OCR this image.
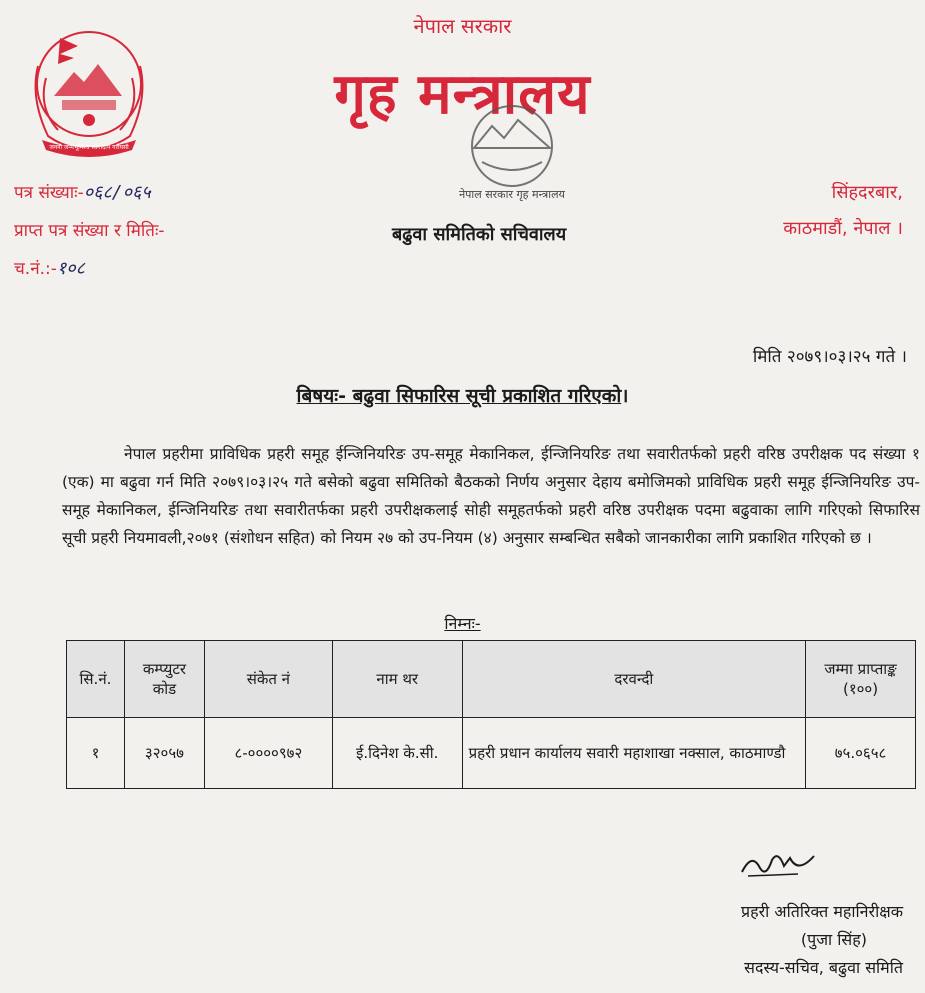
जननी जन्मभूमिश्च स्वर्गादपि गरीयसी
नेपाल सरकार
गृह मन्त्रालय
नेपाल सरकार गृह मन्त्रालय
पत्र संख्याः-०६८/०६५
प्राप्त पत्र संख्या र मितिः-
च.नं.:-१०८
सिंहदरबार,
काठमाडौं, नेपाल ।
बढुवा समितिको सचिवालय
मिति २०७९।०३।२५ गते ।
बिषयः- बढुवा सिफारिस सूची प्रकाशित गरिएको।

नेपाल प्रहरीमा प्राविधिक प्रहरी समूह ईन्जिनियरिङ उप-समूह मेकानिकल, ईन्जिनियरिङ तथा सवारीतर्फको प्रहरी वरिष्ठ उपरीक्षक पद संख्या १ (एक) मा बढुवा गर्न मिति २०७९।०३।२५ गते बसेको बढुवा समितिको बैठकको निर्णय अनुसार देहाय बमोजिमको प्राविधिक प्रहरी समूह ईन्जिनियरिङ उप-समूह मेकानिकल, ईन्जिनियरिङ तथा सवारीतर्फका प्रहरी उपरीक्षकलाई सोही समूहतर्फको प्रहरी वरिष्ठ उपरीक्षक पदमा बढुवाका लागि गरिएको सिफारिस सूची प्रहरी नियमावली,२०७१ (संशोधन सहित) को नियम २७ को उप-नियम (४) अनुसार सम्बन्धित सबैको जानकारीका लागि प्रकाशित गरिएको छ ।

निम्नः-
सि.नं.	कम्प्युटर कोड	संकेत नं	नाम थर	दरवन्दी	जम्मा प्राप्ताङ्क (१००)
१	३२०५७	८-००००९७२	ई.दिनेश के.सी.	प्रहरी प्रधान कार्यालय सवारी महाशाखा नक्साल, काठमाण्डौ	७५.०६५८
प्रहरी अतिरिक्त महानिरीक्षक
(पुजा सिंह)
सदस्य-सचिव, बढुवा समिति
